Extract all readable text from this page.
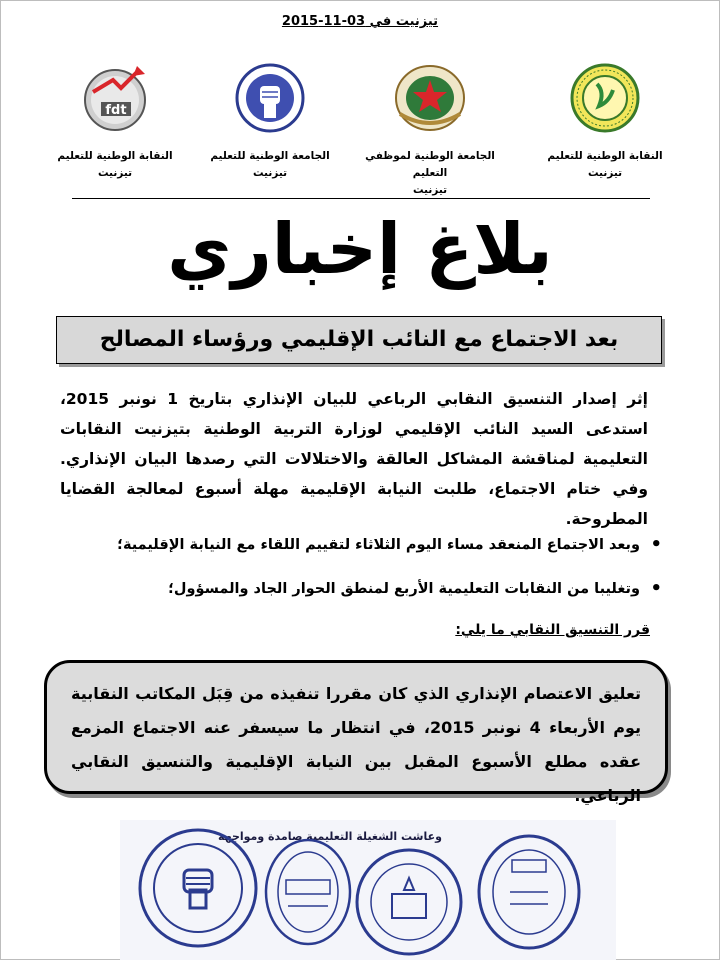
تيزنيت في 03-11-2015
fdt
النقابة الوطنية للتعليم
تيزنيت
الجامعة الوطنية للتعليم
تيزنيت
الجامعة الوطنية لموظفي التعليم
تيزنيت
النقابة الوطنية للتعليم
تيزنيت
بلاغ إخباري
بعد الاجتماع مع النائب الإقليمي ورؤساء المصالح
إثر إصدار التنسيق النقابي الرباعي للبيان الإنذاري بتاريخ 1 نونبر 2015، استدعى السيد النائب الإقليمي لوزارة التربية الوطنية بتيزنيت النقابات التعليمية لمناقشة المشاكل العالقة والاختلالات التي رصدها البيان الإنذاري. وفي ختام الاجتماع، طلبت النيابة الإقليمية مهلة أسبوع لمعالجة القضايا المطروحة.
• وبعد الاجتماع المنعقد مساء اليوم الثلاثاء لتقييم اللقاء مع النيابة الإقليمية؛
• وتغليبا من النقابات التعليمية الأربع لمنطق الحوار الجاد والمسؤول؛
قرر التنسيق النقابي ما يلي:
تعليق الاعتصام الإنذاري الذي كان مقررا تنفيذه من قِبَل المكاتب النقابية يوم الأربعاء 4 نونبر 2015، في انتظار ما سيسفر عنه الاجتماع المزمع عقده مطلع الأسبوع المقبل بين النيابة الإقليمية والتنسيق النقابي الرباعي.
وعاشت الشغيلة التعليمية صامدة ومواجهة
